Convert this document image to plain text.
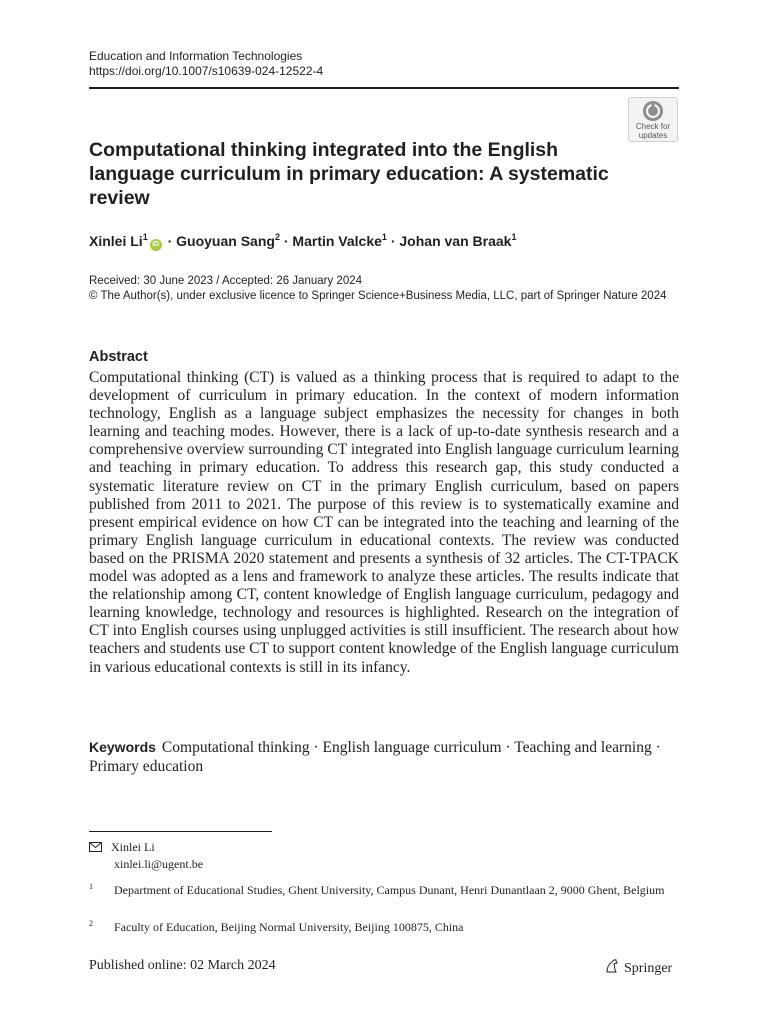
Education and Information Technologies
https://doi.org/10.1007/s10639-024-12522-4
Check for
updates
Computational thinking integrated into the English language curriculum in primary education: A systematic review
Xinlei $Li^1iD$ · Guoyuan Sang$^2$ · Martin Valcke$^1$ · Johan van Braak$^1$
Received: 30 June 2023 / Accepted: 26 January 2024
© The Author(s), under exclusive licence to Springer Science+Business Media, LLC, part of Springer Nature 2024
Abstract

Computational thinking (CT) is valued as a thinking process that is required to adapt to the development of curriculum in primary education. In the context of modern information technology, English as a language subject emphasizes the necessity for changes in both learning and teaching modes. However, there is a lack of up-to-date synthesis research and a comprehensive overview surrounding CT integrated into English language curriculum learning and teaching in primary education. To address this research gap, this study conducted a systematic literature review on CT in the primary English curriculum, based on papers published from 2011 to 2021. The purpose of this review is to systematically examine and present empirical evidence on how CT can be integrated into the teaching and learning of the primary English language curriculum in educational contexts. The review was conducted based on the PRISMA 2020 statement and presents a synthesis of 32 articles. The CT-TPACK model was adopted as a lens and framework to analyze these articles. The results indicate that the relationship among CT, content knowledge of English language curriculum, pedagogy and learning knowledge, technology and resources is highlighted. Research on the integration of CT into English courses using unplugged activities is still insufficient. The research about how teachers and students use CT to support content knowledge of the English language curriculum in various educational contexts is still in its infancy.

Keywords Computational thinking · English language curriculum · Teaching and learning · Primary education
Xinlei Li
xinlei.li@ugent.be
1	Department of Educational Studies, Ghent University, Campus Dunant, Henri Dunantlaan 2, 9000 Ghent, Belgium
2	Faculty of Education, Beijing Normal University, Beijing 100875, China
Published online: 02 March 2024	Springer
